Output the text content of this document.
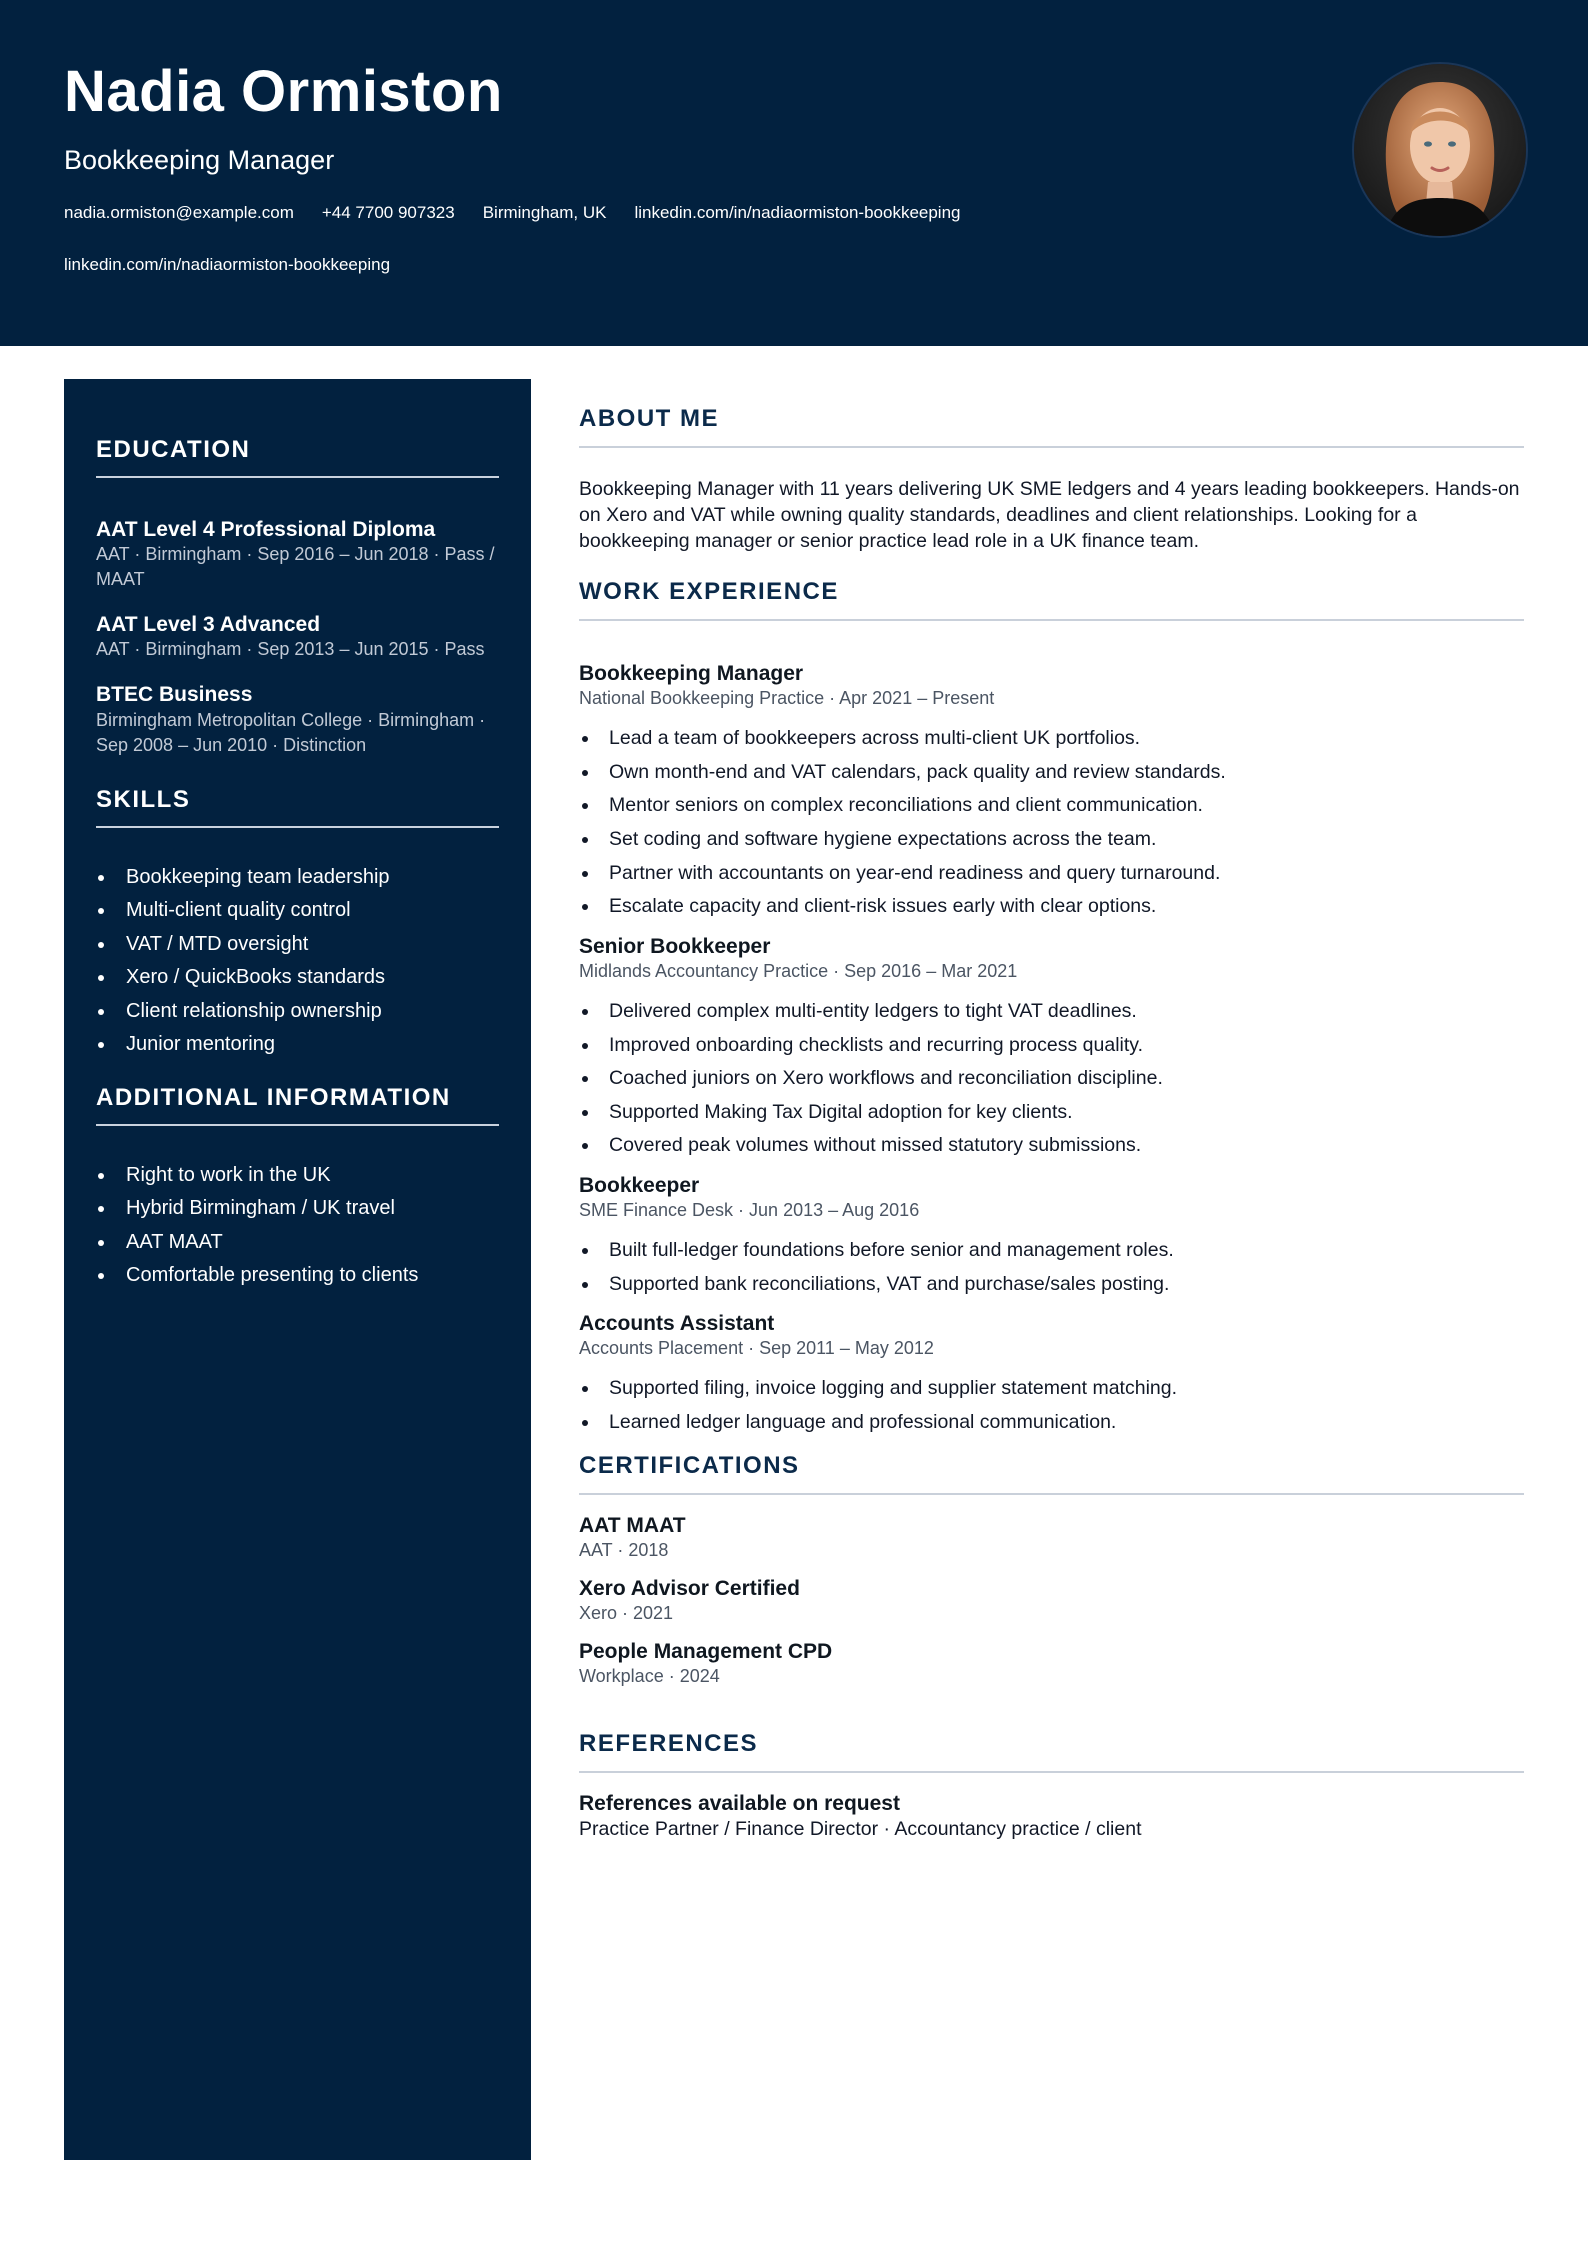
Nadia Ormiston
Bookkeeping Manager
nadia.ormiston@example.com +44 7700 907323 Birmingham, UK linkedin.com/in/nadiaormiston-bookkeeping
linkedin.com/in/nadiaormiston-bookkeeping
EDUCATION
AAT Level 4 Professional Diploma
AAT · Birmingham · Sep 2016 – Jun 2018 · Pass / MAAT
AAT Level 3 Advanced
AAT · Birmingham · Sep 2013 – Jun 2015 · Pass
BTEC Business
Birmingham Metropolitan College · Birmingham · Sep 2008 – Jun 2010 · Distinction
SKILLS
Bookkeeping team leadership
Multi-client quality control
VAT / MTD oversight
Xero / QuickBooks standards
Client relationship ownership
Junior mentoring
ADDITIONAL INFORMATION
Right to work in the UK
Hybrid Birmingham / UK travel
AAT MAAT
Comfortable presenting to clients
ABOUT ME
Bookkeeping Manager with 11 years delivering UK SME ledgers and 4 years leading bookkeepers. Hands-on on Xero and VAT while owning quality standards, deadlines and client relationships. Looking for a bookkeeping manager or senior practice lead role in a UK finance team.
WORK EXPERIENCE
Bookkeeping Manager
National Bookkeeping Practice · Apr 2021 – Present
Lead a team of bookkeepers across multi-client UK portfolios.
Own month-end and VAT calendars, pack quality and review standards.
Mentor seniors on complex reconciliations and client communication.
Set coding and software hygiene expectations across the team.
Partner with accountants on year-end readiness and query turnaround.
Escalate capacity and client-risk issues early with clear options.
Senior Bookkeeper
Midlands Accountancy Practice · Sep 2016 – Mar 2021
Delivered complex multi-entity ledgers to tight VAT deadlines.
Improved onboarding checklists and recurring process quality.
Coached juniors on Xero workflows and reconciliation discipline.
Supported Making Tax Digital adoption for key clients.
Covered peak volumes without missed statutory submissions.
Bookkeeper
SME Finance Desk · Jun 2013 – Aug 2016
Built full-ledger foundations before senior and management roles.
Supported bank reconciliations, VAT and purchase/sales posting.
Accounts Assistant
Accounts Placement · Sep 2011 – May 2012
Supported filing, invoice logging and supplier statement matching.
Learned ledger language and professional communication.
CERTIFICATIONS
AAT MAAT
AAT · 2018
Xero Advisor Certified
Xero · 2021
People Management CPD
Workplace · 2024
REFERENCES
References available on request
Practice Partner / Finance Director · Accountancy practice / client
